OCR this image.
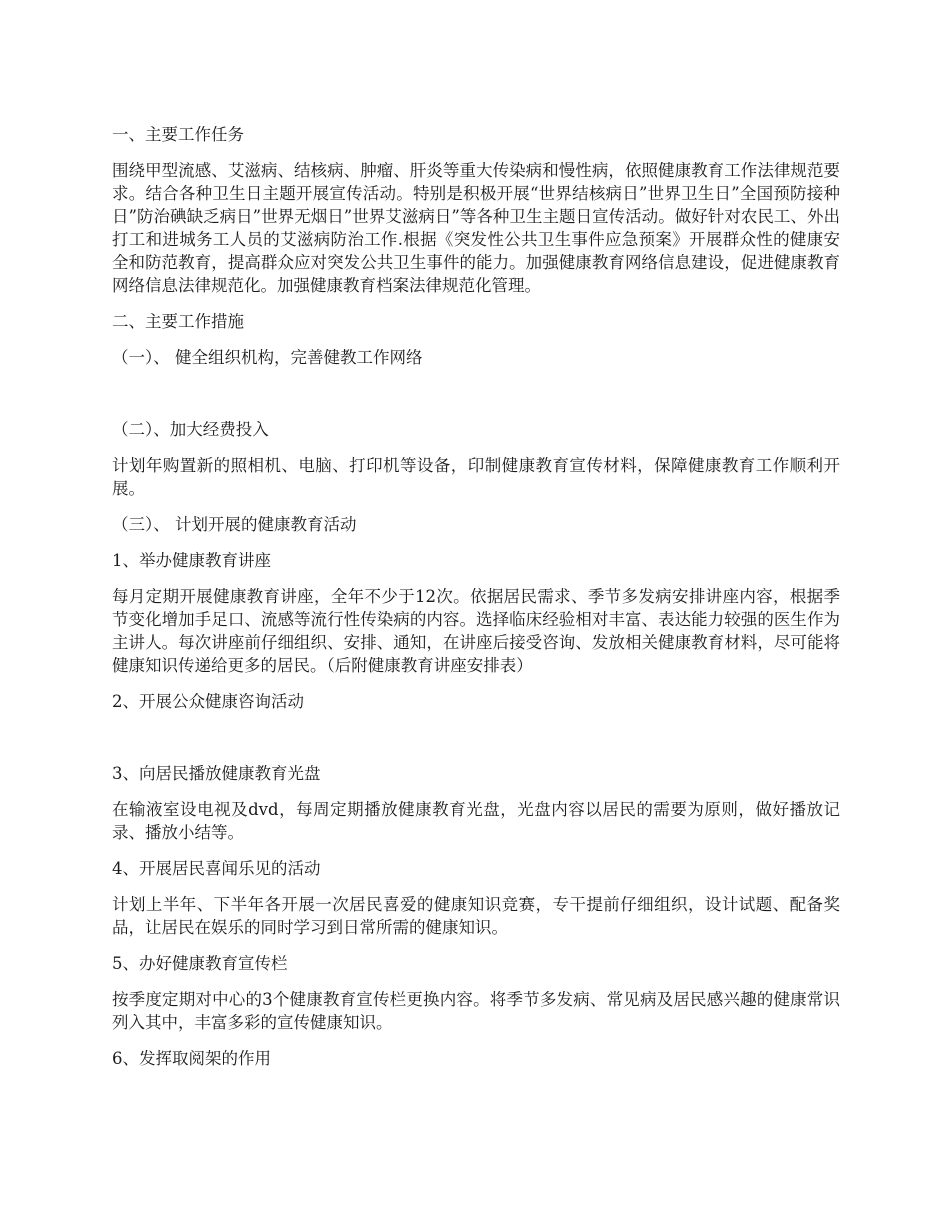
一、主要工作任务

围绕甲型流感、艾滋病、结核病、肿瘤、肝炎等重大传染病和慢性病，依照健康教育工作法律规范要求。结合各种卫生日主题开展宣传活动。特别是积极开展“世界结核病日”世界卫生日”全国预防接种日”防治碘缺乏病日”世界无烟日”世界艾滋病日”等各种卫生主题日宣传活动。做好针对农民工、外出打工和进城务工人员的艾滋病防治工作.根据《突发性公共卫生事件应急预案》开展群众性的健康安全和防范教育，提高群众应对突发公共卫生事件的能力。加强健康教育网络信息建设，促进健康教育网络信息法律规范化。加强健康教育档案法律规范化管理。

二、主要工作措施

（一）、 健全组织机构，完善健教工作网络

（二）、加大经费投入

计划年购置新的照相机、电脑、打印机等设备，印制健康教育宣传材料，保障健康教育工作顺利开展。

（三）、 计划开展的健康教育活动

1、举办健康教育讲座

每月定期开展健康教育讲座，全年不少于12次。依据居民需求、季节多发病安排讲座内容，根据季节变化增加手足口、流感等流行性传染病的内容。选择临床经验相对丰富、表达能力较强的医生作为主讲人。每次讲座前仔细组织、安排、通知，在讲座后接受咨询、发放相关健康教育材料，尽可能将健康知识传递给更多的居民。（后附健康教育讲座安排表）

2、开展公众健康咨询活动

3、向居民播放健康教育光盘

在输液室设电视及dvd，每周定期播放健康教育光盘，光盘内容以居民的需要为原则，做好播放记录、播放小结等。

4、开展居民喜闻乐见的活动

计划上半年、下半年各开展一次居民喜爱的健康知识竞赛，专干提前仔细组织，设计试题、配备奖品，让居民在娱乐的同时学习到日常所需的健康知识。

5、办好健康教育宣传栏

按季度定期对中心的3个健康教育宣传栏更换内容。将季节多发病、常见病及居民感兴趣的健康常识列入其中，丰富多彩的宣传健康知识。

6、发挥取阅架的作用
